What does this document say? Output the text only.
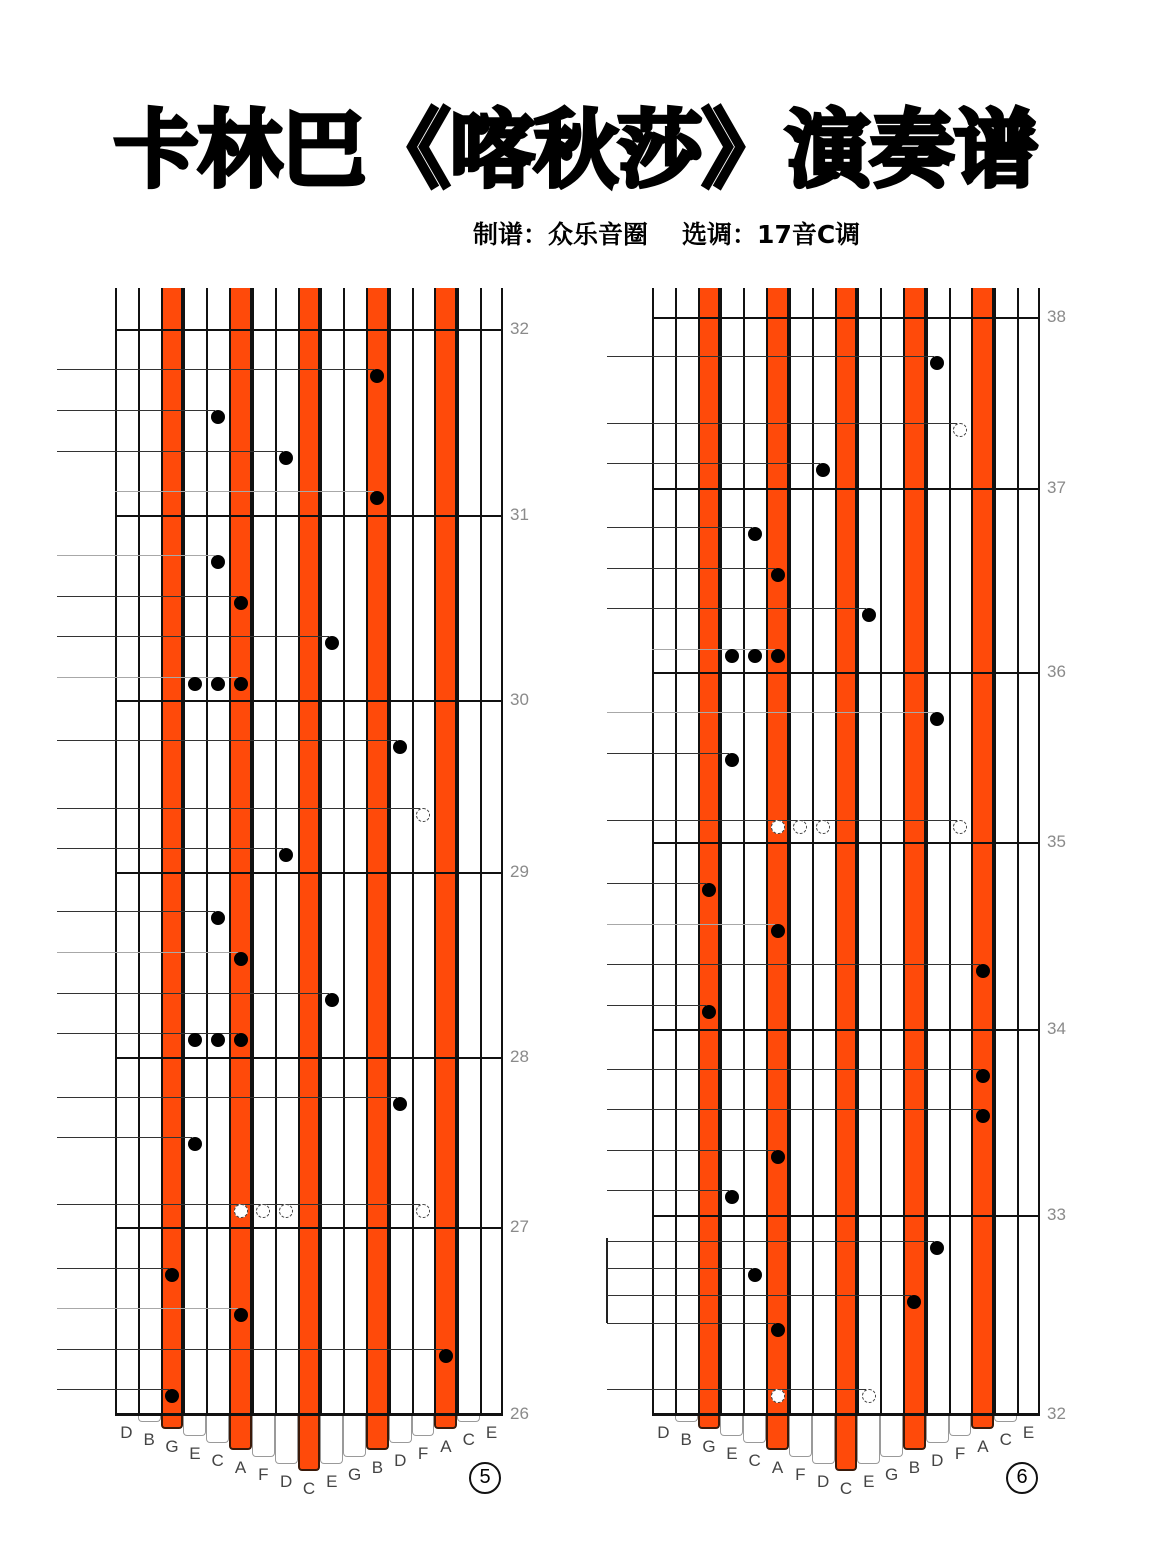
卡林巴《喀秋莎》演奏谱
制谱：众乐音圈 选调：17音C调
D B G E C A F D C E G B D F A C E
32
31
30
29
28
27
26
5
D B G E C A F D C E G B D F A C E
38
37
36
35
34
33
32
6
